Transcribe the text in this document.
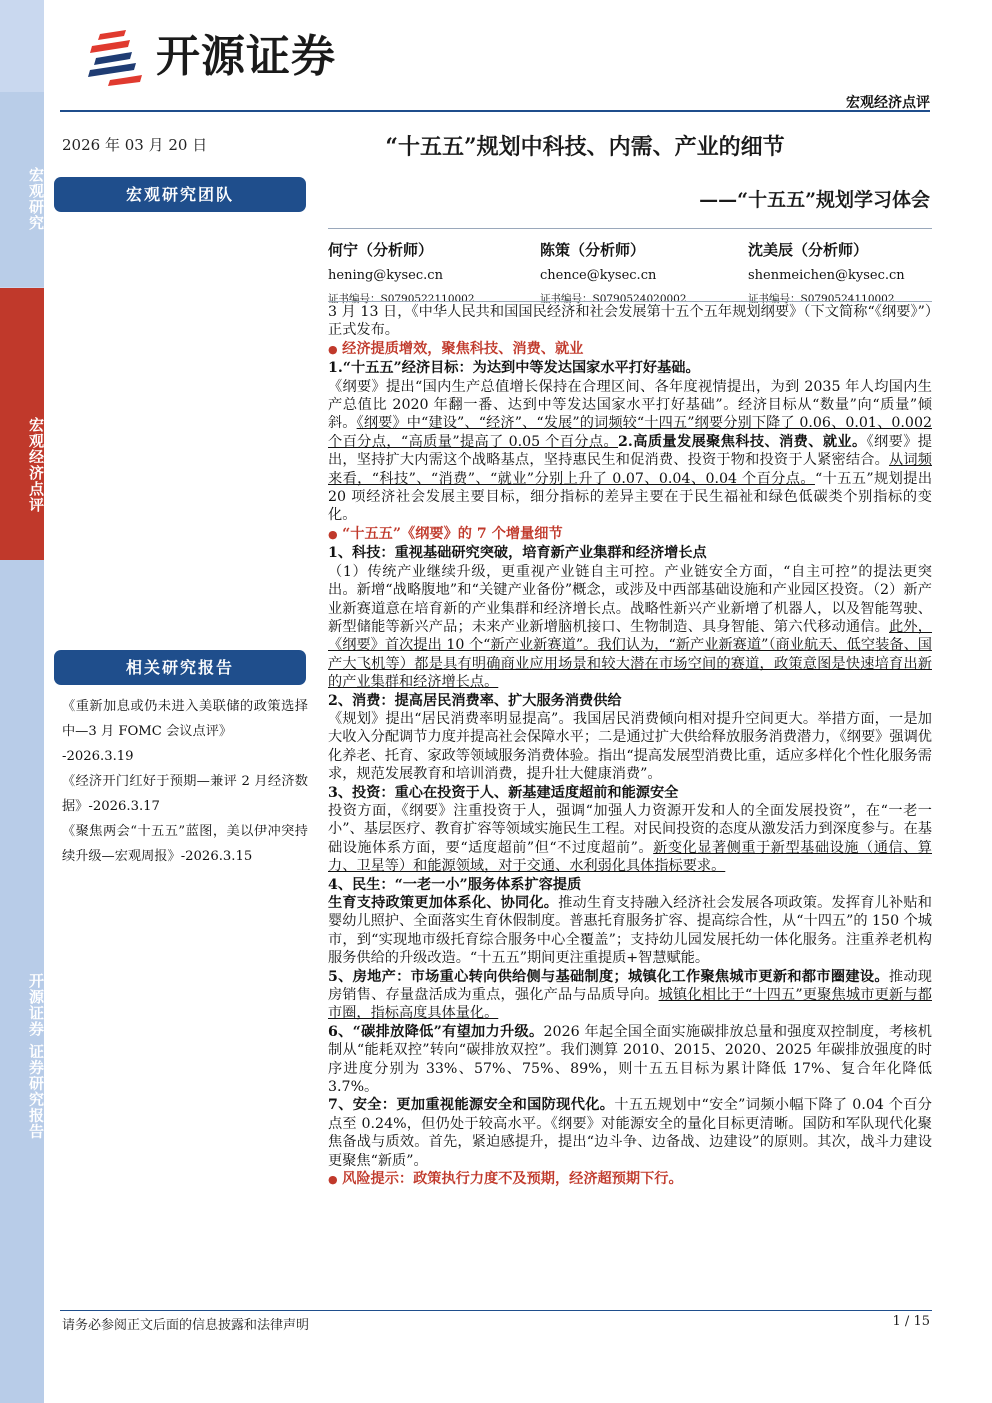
宏观研究
宏观经济点评
开源证券 证券研究报告
开源证券
宏观经济点评
2026 年 03 月 20 日
宏观研究团队
“十五五”规划中科技、内需、产业的细节
——“十五五”规划学习体会
何宁（分析师）
hening@kysec.cn
证书编号：S0790522110002
陈策（分析师）
chence@kysec.cn
证书编号：S0790524020002
沈美辰（分析师）
shenmeichen@kysec.cn
证书编号：S0790524110002

3 月 13 日，《中华人民共和国国民经济和社会发展第十五个五年规划纲要》（下文简称“《纲要》”）正式发布。

● 经济提质增效，聚焦科技、消费、就业

1.“十五五”经济目标：为达到中等发达国家水平打好基础。

《纲要》提出“国内生产总值增长保持在合理区间、各年度视情提出，为到 2035 年人均国内生产总值比 2020 年翻一番、达到中等发达国家水平打好基础”。经济目标从“数量”向“质量”倾斜。《纲要》中“建设”、“经济”、“发展”的词频较“十四五”纲要分别下降了 0.06、0.01、0.002 个百分点，“高质量”提高了 0.05 个百分点。2.高质量发展聚焦科技、消费、就业。《纲要》提出，坚持扩大内需这个战略基点，坚持惠民生和促消费、投资于物和投资于人紧密结合。从词频来看，“科技”、“消费”、“就业”分别上升了 0.07、0.04、0.04 个百分点。“十五五”规划提出 20 项经济社会发展主要目标，细分指标的差异主要在于民生福祉和绿色低碳类个别指标的变化。

● “十五五”《纲要》的 7 个增量细节

1、科技：重视基础研究突破，培育新产业集群和经济增长点

（1）传统产业继续升级，更重视产业链自主可控。产业链安全方面，“自主可控”的提法更突出。新增“战略腹地”和“关键产业备份”概念，或涉及中西部基础设施和产业园区投资。（2）新产业新赛道意在培育新的产业集群和经济增长点。战略性新兴产业新增了机器人，以及智能驾驶、新型储能等新兴产品；未来产业新增脑机接口、生物制造、具身智能、第六代移动通信。此外，《纲要》首次提出 10 个“新产业新赛道”。我们认为，“新产业新赛道”（商业航天、低空装备、国产大飞机等）都是具有明确商业应用场景和较大潜在市场空间的赛道，政策意图是快速培育出新的产业集群和经济增长点。

2、消费：提高居民消费率、扩大服务消费供给

《规划》提出“居民消费率明显提高”。我国居民消费倾向相对提升空间更大。举措方面，一是加大收入分配调节力度并提高社会保障水平；二是通过扩大供给释放服务消费潜力，《纲要》强调优化养老、托育、家政等领域服务消费体验。指出“提高发展型消费比重，适应多样化个性化服务需求，规范发展教育和培训消费，提升壮大健康消费”。

3、投资：重心在投资于人、新基建适度超前和能源安全

投资方面，《纲要》注重投资于人，强调“加强人力资源开发和人的全面发展投资”，在“一老一小”、基层医疗、教育扩容等领域实施民生工程。对民间投资的态度从激发活力到深度参与。在基础设施体系方面，要“适度超前”但“不过度超前”。新变化显著侧重于新型基础设施（通信、算力、卫星等）和能源领域，对于交通、水利弱化具体指标要求。

4、民生：“一老一小”服务体系扩容提质

生育支持政策更加体系化、协同化。推动生育支持融入经济社会发展各项政策。发挥育儿补贴和婴幼儿照护、全面落实生育休假制度。普惠托育服务扩容、提高综合性，从“十四五”的 150 个城市，到“实现地市级托育综合服务中心全覆盖”；支持幼儿园发展托幼一体化服务。注重养老机构服务供给的升级改造。“十五五”期间更注重提质+智慧赋能。

5、房地产：市场重心转向供给侧与基础制度；城镇化工作聚焦城市更新和都市圈建设。推动现房销售、存量盘活成为重点，强化产品与品质导向。城镇化相比于“十四五”更聚焦城市更新与都市圈，指标高度具体量化。

6、“碳排放降低”有望加力升级。2026 年起全国全面实施碳排放总量和强度双控制度，考核机制从“能耗双控”转向“碳排放双控”。我们测算 2010、2015、2020、2025 年碳排放强度的时序进度分别为 33%、57%、75%、89%，则十五五目标为累计降低 17%、复合年化降低 3.7%。

7、安全：更加重视能源安全和国防现代化。十五五规划中“安全”词频小幅下降了 0.04 个百分点至 0.24%，但仍处于较高水平。《纲要》对能源安全的量化目标更清晰。国防和军队现代化聚焦备战与质效。首先，紧迫感提升，提出“边斗争、边备战、边建设”的原则。其次，战斗力建设更聚焦“新质”。

● 风险提示：政策执行力度不及预期，经济超预期下行。

相关研究报告

《重新加息或仍未进入美联储的政策选择中—3 月 FOMC 会议点评》
-2026.3.19

《经济开门红好于预期—兼评 2 月经济数据》-2026.3.17

《聚焦两会“十五五”蓝图，美以伊冲突持续升级—宏观周报》-2026.3.15

请务必参阅正文后面的信息披露和法律声明	1 / 15
